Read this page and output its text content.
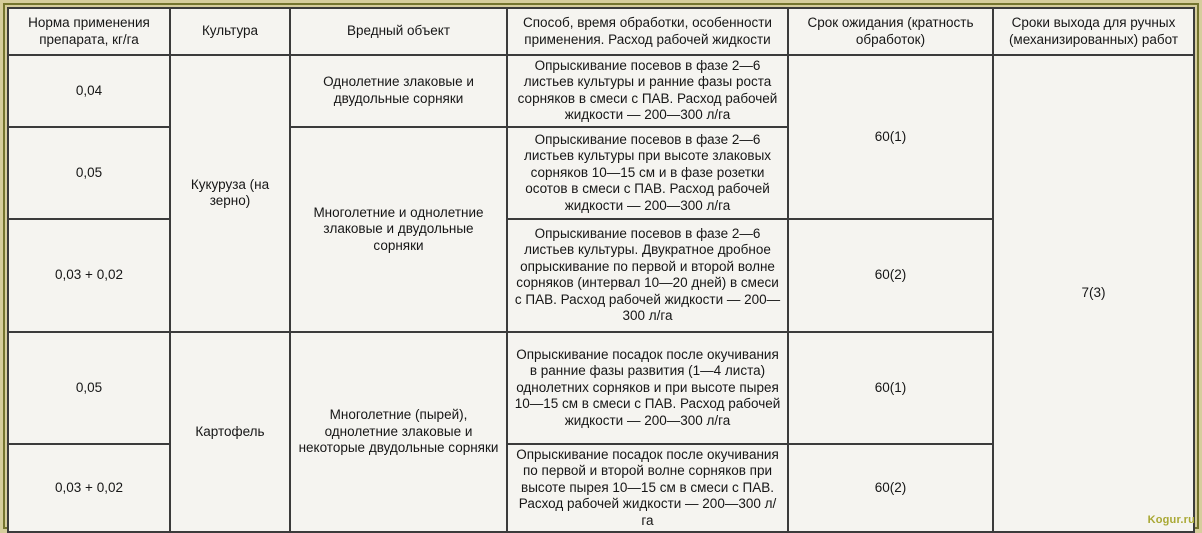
Норма применения препарата, кг/га	Культура	Вредный объект	Способ, время обработки, особенности применения. Расход рабочей жидкости	Срок ожидания (кратность обработок)	Сроки выхода для ручных (механизированных) работ
0,04	Кукуруза (на зерно)	Однолетние злаковые и двудольные сорняки	Опрыскивание посевов в фазе 2—6 листьев культуры и ранние фазы роста сорняков в смеси с ПАВ. Расход рабочей жидкости — 200—300 л/га	60(1)	7(3)
0,05		Многолетние и однолетние злаковые и двудольные сорняки	Опрыскивание посевов в фазе 2—6 листьев культуры при высоте злаковых сорняков 10—15 см и в фазе розетки осотов в смеси с ПАВ. Расход рабочей жидкости — 200—300 л/га		
0,03 + 0,02			Опрыскивание посевов в фазе 2—6 листьев культуры. Двукратное дробное опрыскивание по первой и второй волне сорняков (интервал 10—20 дней) в смеси с ПАВ. Расход рабочей жидкости — 200—300 л/га	60(2)	
0,05	Картофель	Многолетние (пырей), однолетние злаковые и некоторые двудольные сорняки	Опрыскивание посадок после окучивания в ранние фазы развития (1—4 листа) однолетних сорняков и при высоте пырея 10—15 см в смеси с ПАВ. Расход рабочей жидкости — 200—300 л/га	60(1)	
0,03 + 0,02			Опрыскивание посадок после окучивания по первой и второй волне сорняков при высоте пырея 10—15 см в смеси с ПАВ. Расход рабочей жидкости — 200—300 л/га	60(2)	
Kogur.ru
